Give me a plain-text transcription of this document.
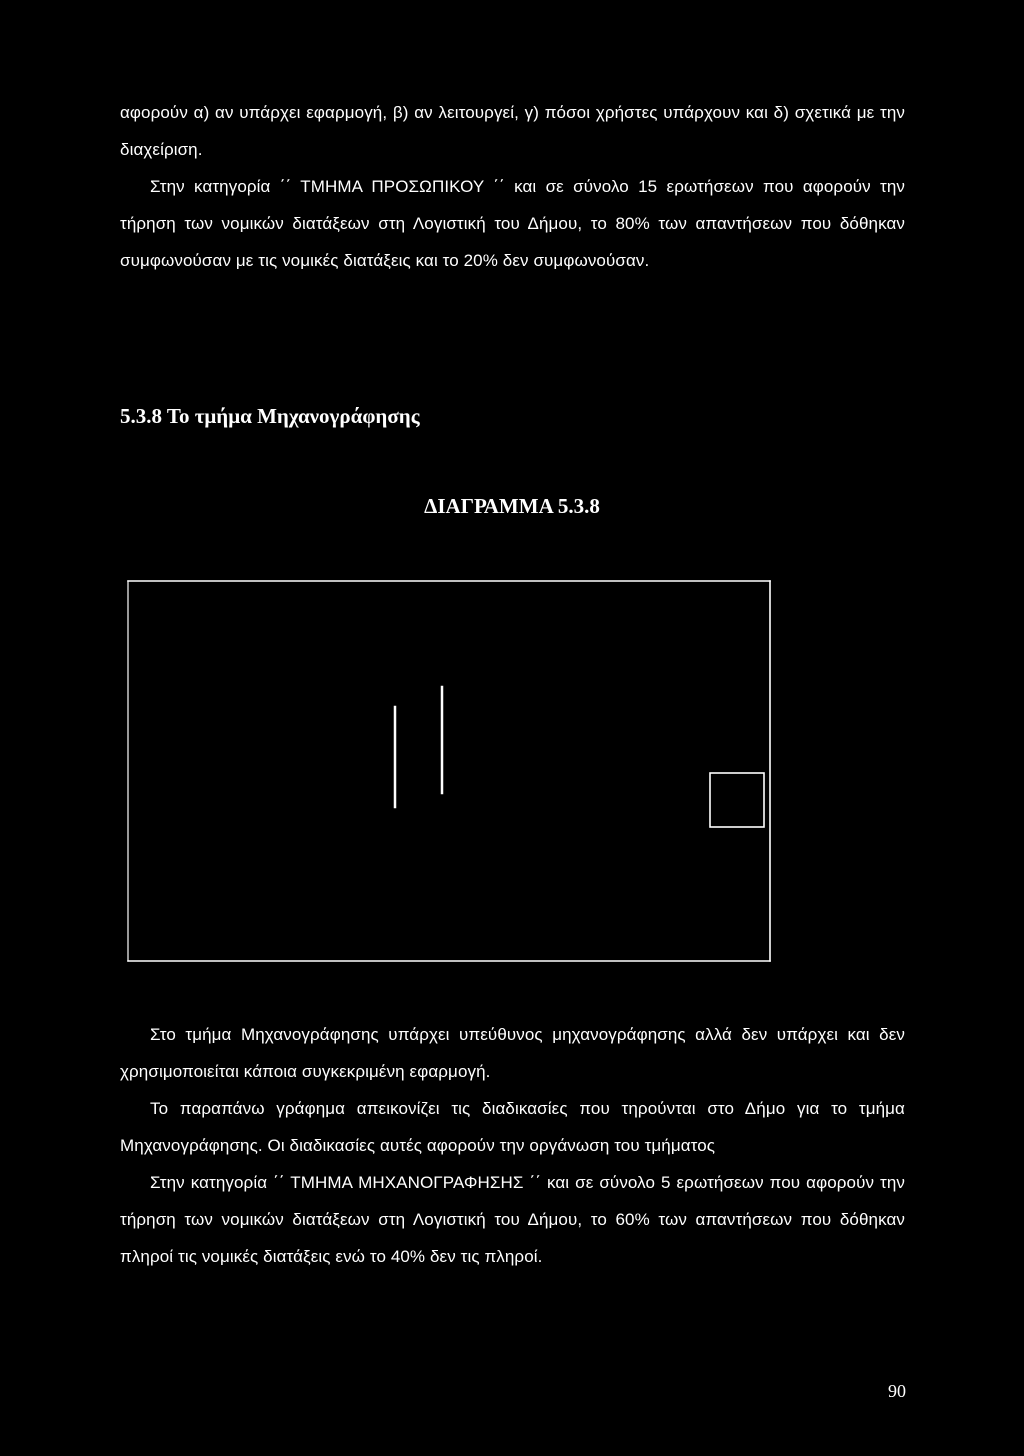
αφορούν α) αν υπάρχει εφαρμογή, β) αν λειτουργεί, γ) πόσοι χρήστες υπάρχουν και δ) σχετικά με την διαχείριση.

Στην κατηγορία ΄΄ ΤΜΗΜΑ ΠΡΟΣΩΠΙΚΟΥ ΄΄ και σε σύνολο 15 ερωτήσεων που αφορούν την τήρηση των νομικών διατάξεων στη Λογιστική του Δήμου, το 80% των απαντήσεων που δόθηκαν συμφωνούσαν με τις νομικές διατάξεις και το 20% δεν συμφωνούσαν.

5.3.8 Το τμήμα Μηχανογράφησης
ΔΙΑΓΡΑΜΜΑ 5.3.8

Στο τμήμα Μηχανογράφησης υπάρχει υπεύθυνος μηχανογράφησης αλλά δεν υπάρχει και δεν χρησιμοποιείται κάποια συγκεκριμένη εφαρμογή.

Το παραπάνω γράφημα απεικονίζει τις διαδικασίες που τηρούνται στο Δήμο για το τμήμα Μηχανογράφησης. Οι διαδικασίες αυτές αφορούν την οργάνωση του τμήματος

Στην κατηγορία ΄΄ ΤΜΗΜΑ ΜΗΧΑΝΟΓΡΑΦΗΣΗΣ ΄΄ και σε σύνολο 5 ερωτήσεων που αφορούν την τήρηση των νομικών διατάξεων στη Λογιστική του Δήμου, το 60% των απαντήσεων που δόθηκαν πληροί τις νομικές διατάξεις ενώ το 40% δεν τις πληροί.

90
